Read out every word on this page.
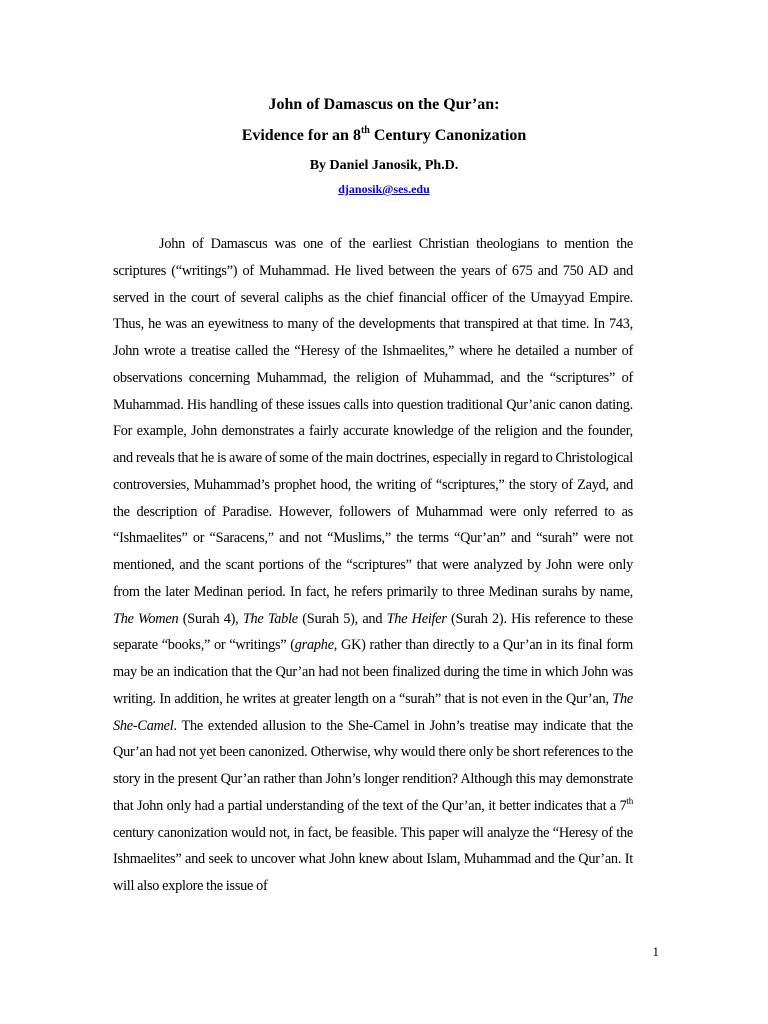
John of Damascus on the Qur’an:
Evidence for an 8th Century Canonization
By Daniel Janosik, Ph.D.
djanosik@ses.edu
John of Damascus was one of the earliest Christian theologians to mention the scriptures (“writings”) of Muhammad. He lived between the years of 675 and 750 AD and served in the court of several caliphs as the chief financial officer of the Umayyad Empire. Thus, he was an eyewitness to many of the developments that transpired at that time. In 743, John wrote a treatise called the “Heresy of the Ishmaelites,” where he detailed a number of observations concerning Muhammad, the religion of Muhammad, and the “scriptures” of Muhammad. His handling of these issues calls into question traditional Qur’anic canon dating. For example, John demonstrates a fairly accurate knowledge of the religion and the founder, and reveals that he is aware of some of the main doctrines, especially in regard to Christological controversies, Muhammad’s prophet hood, the writing of “scriptures,” the story of Zayd, and the description of Paradise. However, followers of Muhammad were only referred to as “Ishmaelites” or “Saracens,” and not “Muslims,” the terms “Qur’an” and “surah” were not mentioned, and the scant portions of the “scriptures” that were analyzed by John were only from the later Medinan period. In fact, he refers primarily to three Medinan surahs by name, The Women (Surah 4), The Table (Surah 5), and The Heifer (Surah 2). His reference to these separate “books,” or “writings” (graphe, GK) rather than directly to a Qur’an in its final form may be an indication that the Qur’an had not been finalized during the time in which John was writing. In addition, he writes at greater length on a “surah” that is not even in the Qur’an, The She-Camel. The extended allusion to the She-Camel in John’s treatise may indicate that the Qur’an had not yet been canonized. Otherwise, why would there only be short references to the story in the present Qur’an rather than John’s longer rendition? Although this may demonstrate that John only had a partial understanding of the text of the Qur’an, it better indicates that a 7th century canonization would not, in fact, be feasible. This paper will analyze the “Heresy of the Ishmaelites” and seek to uncover what John knew about Islam, Muhammad and the Qur’an. It will also explore the issue of
1
